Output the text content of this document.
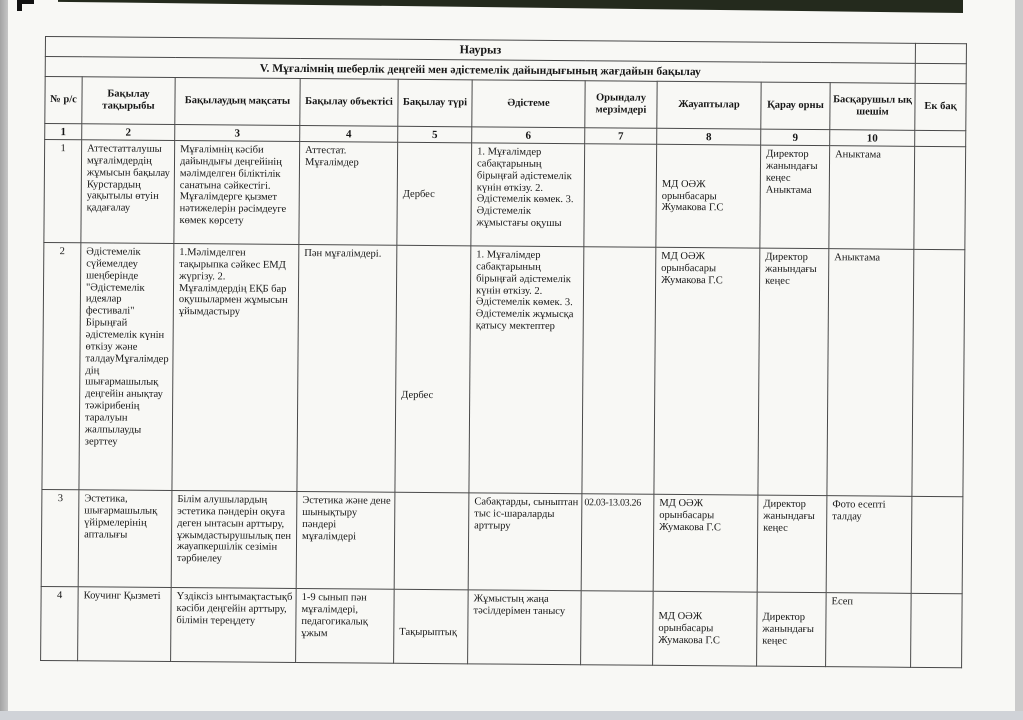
Наурыз										
V. Мұғалімнің шеберлік деңгейі мен әдістемелік дайындығының жағдайын бақылау										
№ р/с	Бақылау тақырыбы	Бақылаудың мақсаты	Бақылау объектісі	Бақылау түрі	Әдістеме	Орындалу мерзімдері	Жауаптылар	Қарау орны	Басқарушыл ық шешім	Ек бақ
1	2	3	4	5	6	7	8	9	10	
1	Аттестатталушы мұғалімдердің жұмысын бақылау Курстардың уақытылы өтуін қадағалау	Мұғалімнің кәсіби дайындығы деңгейінің мәлімделген біліктілік санатына сәйкестігі. Мұғалімдерге қызмет нәтижелерін рәсімдеуге көмек көрсету	Аттестат. Мұғалімдер	Дербес	1. Мұғалімдер сабақтарының бірыңғай әдістемелік күнін өткізу. 2. Әдістемелік көмек. 3. Әдістемелік жұмыстағы оқушы		МД ОӘЖ орынбасары Жумакова Г.С	Директор жанындағы кеңес Аныктама	Аныктама	
2	Әдістемелік сүйемелдеу шеңберінде "Әдістемелік идеялар фестивалі" Бірыңғай әдістемелік күнін өткізу және талдауМұғалімдердің шығармашылық деңгейін анықтау тәжірибенің таралуын жалпылауды зерттеу	1.Мәлімделген тақырыпка сәйкес ЕМД жүргізу. 2. Мұғалімдердің ЕҚБ бар оқушылармен жұмысын ұйымдастыру	Пән мұғалімдері.	Дербес	1. Мұғалімдер сабақтарының бірыңғай әдістемелік күнін өткізу. 2. Әдістемелік көмек. 3. Әдістемелік жұмысқа қатысу мектептер		МД ОӘЖ орынбасары Жумакова Г.С	Директор жанындағы кеңес	Аныктама	
3	Эстетика, шығармашылық үйірмелерінің апталығы	Білім алушылардың эстетика пәндерін оқуға деген ынтасын арттыру, ұжымдастырушылық пен жауапкершілік сезімін тәрбиелеу	Эстетика және дене шынықтыру пәндері мұғалімдері		Сабақтарды, сыныптан тыс іс-шараларды арттыру	02.03-13.03.26	МД ОӘЖ орынбасары Жумакова Г.С	Директор жанындағы кеңес	Фото есепті талдау	
4	Коучинг Қызметі	Үздіксіз ынтымақтастықб кәсіби деңгейін арттыру, білімін тереңдету	1-9 сынып пән мұғалімдері, педагогикалық ұжым	Тақырыптық	Жұмыстың жаңа тәсілдерімен танысу		МД ОӘЖ орынбасары Жумакова Г.С	Директор жанындағы кеңес	Есеп	
